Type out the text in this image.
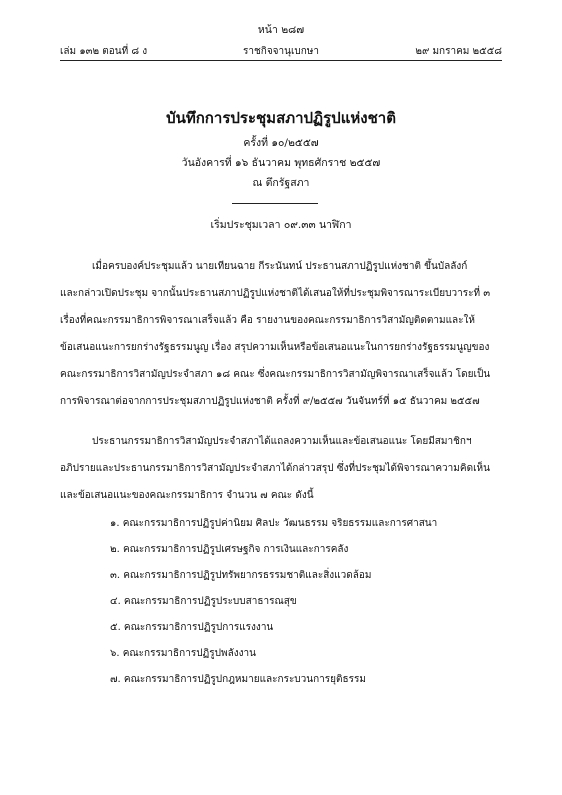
หน้า ๒๘๗
เล่ม ๑๓๒ ตอนที่ ๘ ง	ราชกิจจานุเบกษา	๒๙ มกราคม ๒๕๕๘
บันทึกการประชุมสภาปฏิรูปแห่งชาติ
ครั้งที่ ๑๐/๒๕๕๗
วันอังคารที่ ๑๖ ธันวาคม พุทธศักราช ๒๕๕๗
ณ ตึกรัฐสภา
เริ่มประชุมเวลา ๐๙.๓๓ นาฬิกา
เมื่อครบองค์ประชุมแล้ว นายเทียนฉาย กีระนันทน์ ประธานสภาปฏิรูปแห่งชาติ ขึ้นบัลลังก์
และกล่าวเปิดประชุม จากนั้นประธานสภาปฏิรูปแห่งชาติได้เสนอให้ที่ประชุมพิจารณาระเบียบวาระที่ ๓
เรื่องที่คณะกรรมาธิการพิจารณาเสร็จแล้ว คือ รายงานของคณะกรรมาธิการวิสามัญติดตามและให้
ข้อเสนอแนะการยกร่างรัฐธรรมนูญ เรื่อง สรุปความเห็นหรือข้อเสนอแนะในการยกร่างรัฐธรรมนูญของ
คณะกรรมาธิการวิสามัญประจำสภา ๑๘ คณะ ซึ่งคณะกรรมาธิการวิสามัญพิจารณาเสร็จแล้ว โดยเป็น
การพิจารณาต่อจากการประชุมสภาปฏิรูปแห่งชาติ ครั้งที่ ๙/๒๕๕๗ วันจันทร์ที่ ๑๕ ธันวาคม ๒๕๕๗
ประธานกรรมาธิการวิสามัญประจำสภาได้แถลงความเห็นและข้อเสนอแนะ โดยมีสมาชิกฯ
อภิปรายและประธานกรรมาธิการวิสามัญประจำสภาได้กล่าวสรุป ซึ่งที่ประชุมได้พิจารณาความคิดเห็น
และข้อเสนอแนะของคณะกรรมาธิการ จำนวน ๗ คณะ ดังนี้
๑. คณะกรรมาธิการปฏิรูปค่านิยม ศิลปะ วัฒนธรรม จริยธรรมและการศาสนา
๒. คณะกรรมาธิการปฏิรูปเศรษฐกิจ การเงินและการคลัง
๓. คณะกรรมาธิการปฏิรูปทรัพยากรธรรมชาติและสิ่งแวดล้อม
๔. คณะกรรมาธิการปฏิรูประบบสาธารณสุข
๕. คณะกรรมาธิการปฏิรูปการแรงงาน
๖. คณะกรรมาธิการปฏิรูปพลังงาน
๗. คณะกรรมาธิการปฏิรูปกฎหมายและกระบวนการยุติธรรม
